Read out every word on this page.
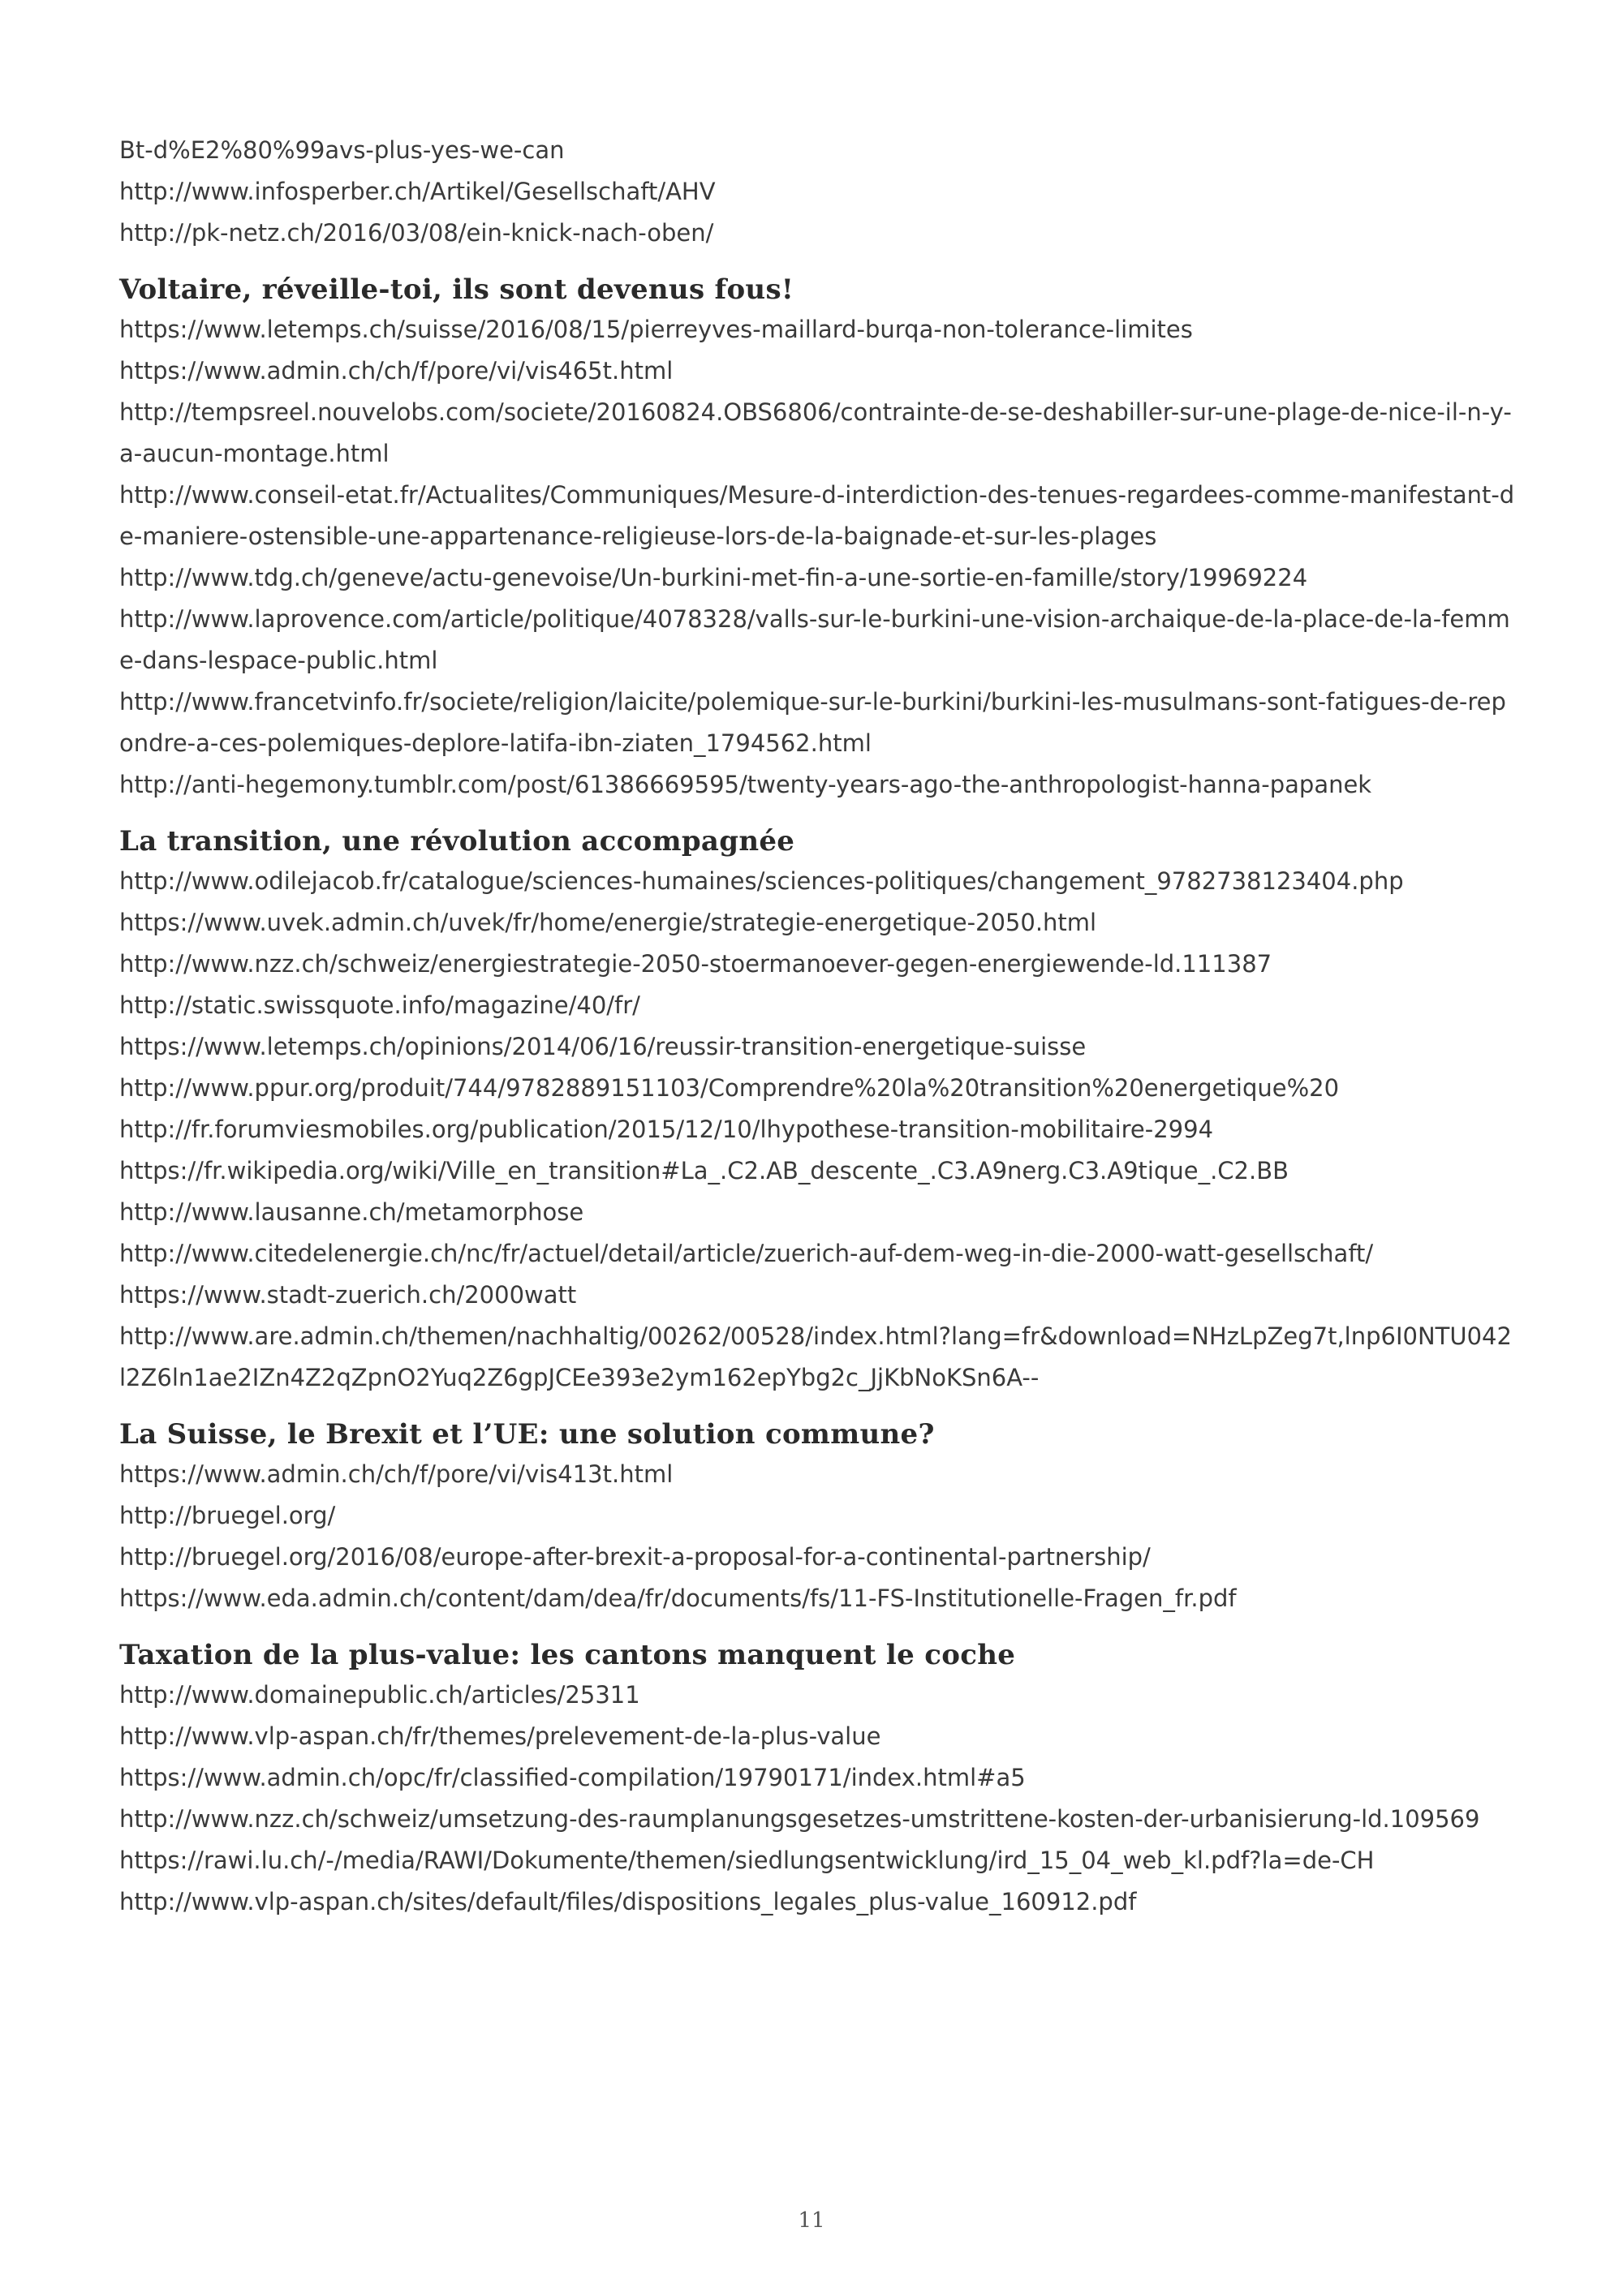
Bt-d%E2%80%99avs-plus-yes-we-can
http://www.infosperber.ch/Artikel/Gesellschaft/AHV
http://pk-netz.ch/2016/03/08/ein-knick-nach-oben/
Voltaire, réveille-toi, ils sont devenus fous!
https://www.letemps.ch/suisse/2016/08/15/pierreyves-maillard-burqa-non-tolerance-limites
https://www.admin.ch/ch/f/pore/vi/vis465t.html
http://tempsreel.nouvelobs.com/societe/20160824.OBS6806/contrainte-de-se-deshabiller-sur-une-plage-de-nice-il-n-y-a-aucun-montage.html
http://www.conseil-etat.fr/Actualites/Communiques/Mesure-d-interdiction-des-tenues-regardees-comme-manifestant-de-maniere-ostensible-une-appartenance-religieuse-lors-de-la-baignade-et-sur-les-plages
http://www.tdg.ch/geneve/actu-genevoise/Un-burkini-met-fin-a-une-sortie-en-famille/story/19969224
http://www.laprovence.com/article/politique/4078328/valls-sur-le-burkini-une-vision-archaique-de-la-place-de-la-femme-dans-lespace-public.html
http://www.francetvinfo.fr/societe/religion/laicite/polemique-sur-le-burkini/burkini-les-musulmans-sont-fatigues-de-repondre-a-ces-polemiques-deplore-latifa-ibn-ziaten_1794562.html
http://anti-hegemony.tumblr.com/post/61386669595/twenty-years-ago-the-anthropologist-hanna-papanek
La transition, une révolution accompagnée
http://www.odilejacob.fr/catalogue/sciences-humaines/sciences-politiques/changement_9782738123404.php
https://www.uvek.admin.ch/uvek/fr/home/energie/strategie-energetique-2050.html
http://www.nzz.ch/schweiz/energiestrategie-2050-stoermanoever-gegen-energiewende-ld.111387
http://static.swissquote.info/magazine/40/fr/
https://www.letemps.ch/opinions/2014/06/16/reussir-transition-energetique-suisse
http://www.ppur.org/produit/744/9782889151103/Comprendre%20la%20transition%20energetique%20
http://fr.forumviesmobiles.org/publication/2015/12/10/lhypothese-transition-mobilitaire-2994
https://fr.wikipedia.org/wiki/Ville_en_transition#La_.C2.AB_descente_.C3.A9nerg.C3.A9tique_.C2.BB
http://www.lausanne.ch/metamorphose
http://www.citedelenergie.ch/nc/fr/actuel/detail/article/zuerich-auf-dem-weg-in-die-2000-watt-gesellschaft/
https://www.stadt-zuerich.ch/2000watt
http://www.are.admin.ch/themen/nachhaltig/00262/00528/index.html?lang=fr&download=NHzLpZeg7t,lnp6I0NTU042l2Z6ln1ae2IZn4Z2qZpnO2Yuq2Z6gpJCEe393e2ym162epYbg2c_JjKbNoKSn6A--
La Suisse, le Brexit et l’UE: une solution commune?
https://www.admin.ch/ch/f/pore/vi/vis413t.html
http://bruegel.org/
http://bruegel.org/2016/08/europe-after-brexit-a-proposal-for-a-continental-partnership/
https://www.eda.admin.ch/content/dam/dea/fr/documents/fs/11-FS-Institutionelle-Fragen_fr.pdf
Taxation de la plus-value: les cantons manquent le coche
http://www.domainepublic.ch/articles/25311
http://www.vlp-aspan.ch/fr/themes/prelevement-de-la-plus-value
https://www.admin.ch/opc/fr/classified-compilation/19790171/index.html#a5
http://www.nzz.ch/schweiz/umsetzung-des-raumplanungsgesetzes-umstrittene-kosten-der-urbanisierung-ld.109569
https://rawi.lu.ch/-/media/RAWI/Dokumente/themen/siedlungsentwicklung/ird_15_04_web_kl.pdf?la=de-CH
http://www.vlp-aspan.ch/sites/default/files/dispositions_legales_plus-value_160912.pdf
11
